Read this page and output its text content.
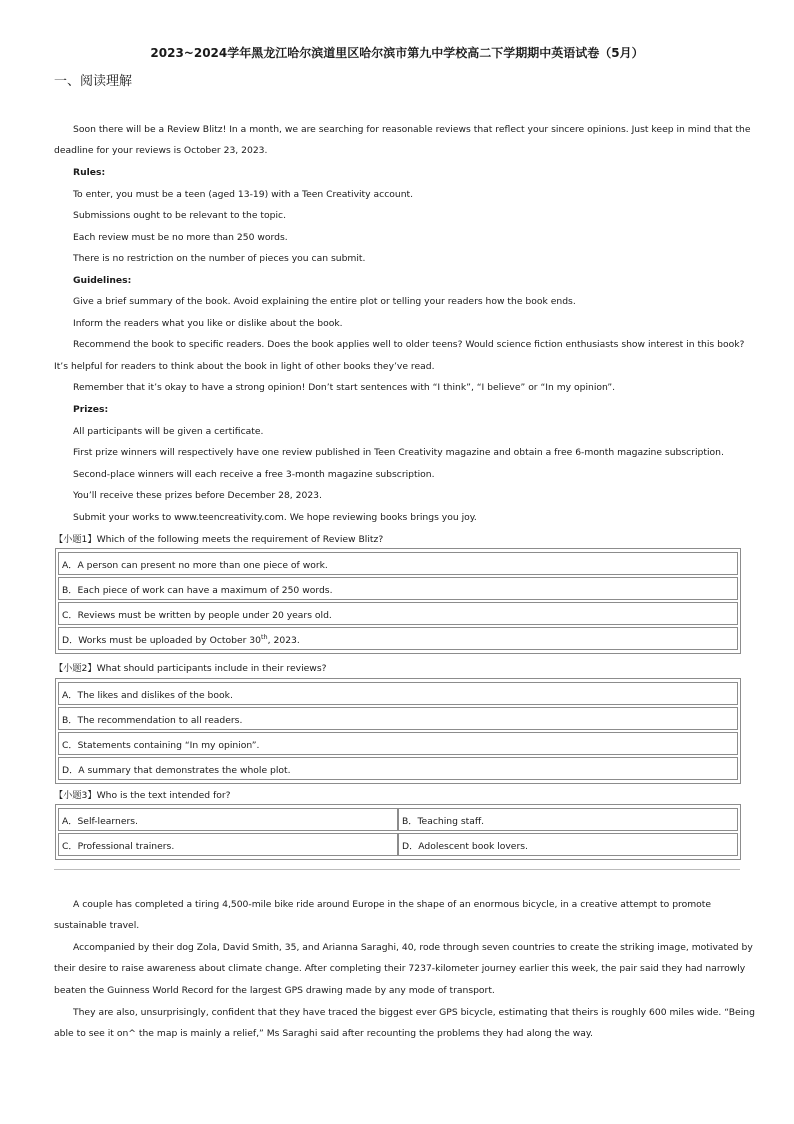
2023~2024学年黑龙江哈尔滨道里区哈尔滨市第九中学校高二下学期期中英语试卷（5月）
一、阅读理解
Soon there will be a Review Blitz! In a month, we are searching for reasonable reviews that reflect your sincere opinions. Just keep in mind that the
deadline for your reviews is October 23, 2023.
Rules:
To enter, you must be a teen (aged 13-19) with a Teen Creativity account.
Submissions ought to be relevant to the topic.
Each review must be no more than 250 words.
There is no restriction on the number of pieces you can submit.
Guidelines:
Give a brief summary of the book. Avoid explaining the entire plot or telling your readers how the book ends.
Inform the readers what you like or dislike about the book.
Recommend the book to specific readers. Does the book applies well to older teens? Would science fiction enthusiasts show interest in this book?
It’s helpful for readers to think about the book in light of other books they’ve read.
Remember that it’s okay to have a strong opinion! Don’t start sentences with “I think”, “I believe” or “In my opinion”.
Prizes:
All participants will be given a certificate.
First prize winners will respectively have one review published in Teen Creativity magazine and obtain a free 6-month magazine subscription.
Second-place winners will each receive a free 3-month magazine subscription.
You’ll receive these prizes before December 28, 2023.
Submit your works to www.teencreativity.com. We hope reviewing books brings you joy.
【小题1】Which of the following meets the requirement of Review Blitz?
A．A person can present no more than one piece of work.
B．Each piece of work can have a maximum of 250 words.
C．Reviews must be written by people under 20 years old.
D．Works must be uploaded by October 30th, 2023.
【小题2】What should participants include in their reviews?
A．The likes and dislikes of the book.
B．The recommendation to all readers.
C．Statements containing “In my opinion”.
D．A summary that demonstrates the whole plot.
【小题3】Who is the text intended for?
A．Self-learners.	B．Teaching staff.
C．Professional trainers.	D．Adolescent book lovers.
A couple has completed a tiring 4,500-mile bike ride around Europe in the shape of an enormous bicycle, in a creative attempt to promote
sustainable travel.
Accompanied by their dog Zola, David Smith, 35, and Arianna Saraghi, 40, rode through seven countries to create the striking image, motivated by
their desire to raise awareness about climate change. After completing their 7237-kilometer journey earlier this week, the pair said they had narrowly
beaten the Guinness World Record for the largest GPS drawing made by any mode of transport.
They are also, unsurprisingly, confident that they have traced the biggest ever GPS bicycle, estimating that theirs is roughly 600 miles wide. “Being
able to see it on^ the map is mainly a relief,” Ms Saraghi said after recounting the problems they had along the way.
